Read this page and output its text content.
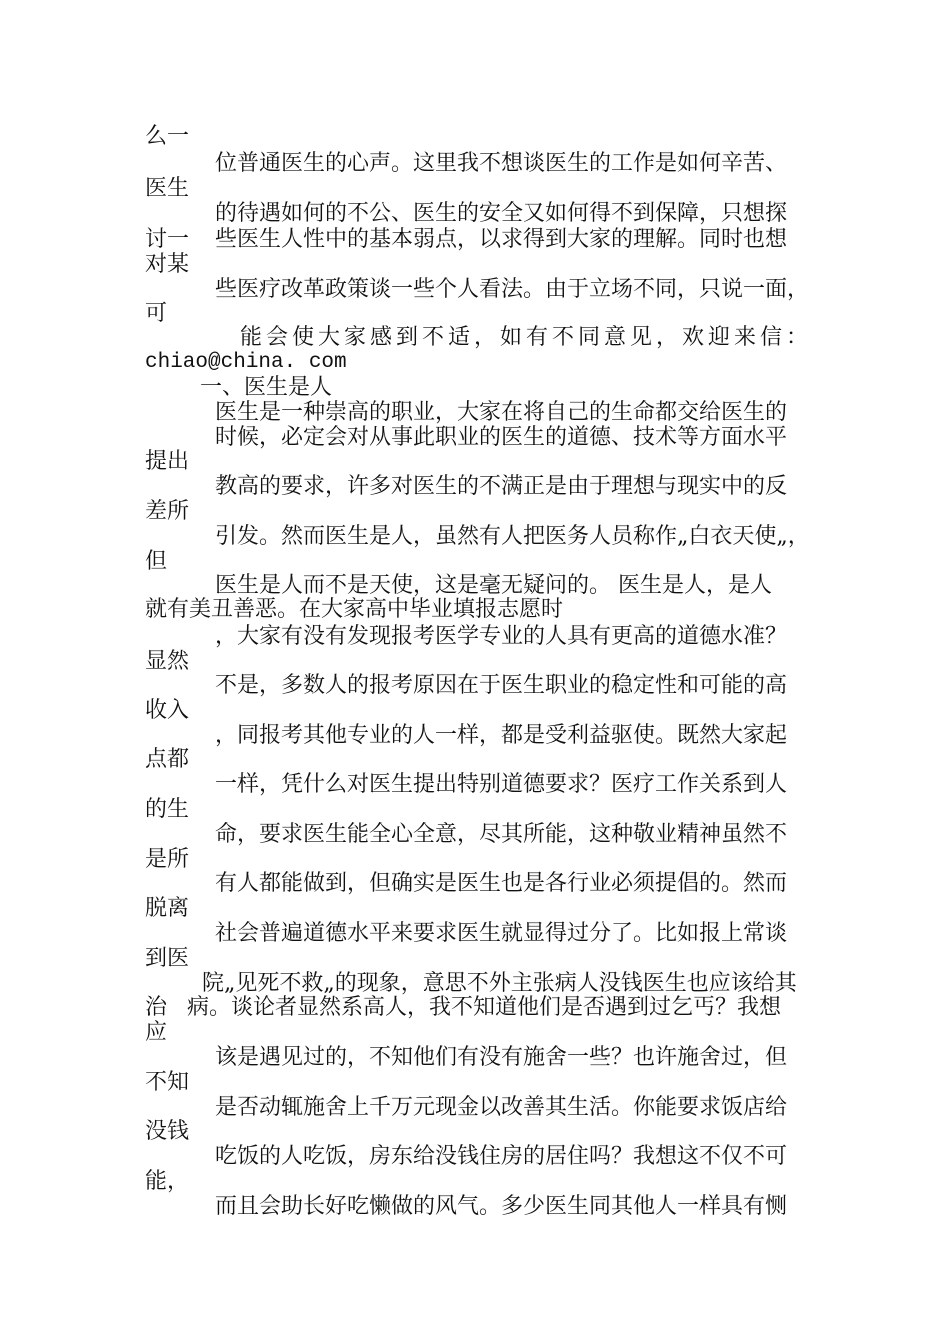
么一
位普通医生的心声。这里我不想谈医生的工作是如何辛苦、
医生
的待遇如何的不公、医生的安全又如何得不到保障，只想探
讨一 些医生人性中的基本弱点，以求得到大家的理解。同时也想
对某
些医疗改革政策谈一些个人看法。由于立场不同，只说一面，
可
能会使大家感到不适，如有不同意见，欢迎来信：
chiao@china. com
一、医生是人
医生是一种崇高的职业，大家在将自己的生命都交给医生的
时候，必定会对从事此职业的医生的道德、技术等方面水平
提出
教高的要求，许多对医生的不满正是由于理想与现实中的反
差所
引发。然而医生是人，虽然有人把医务人员称作„白衣天使„，
但
医生是人而不是天使，这是毫无疑问的。 医生是人，是人
就有美丑善恶。在大家高中毕业填报志愿时
，大家有没有发现报考医学专业的人具有更高的道德水准？
显然
不是，多数人的报考原因在于医生职业的稳定性和可能的高
收入
，同报考其他专业的人一样，都是受利益驱使。既然大家起
点都
一样，凭什么对医生提出特别道德要求？医疗工作关系到人
的生
命，要求医生能全心全意，尽其所能，这种敬业精神虽然不
是所
有人都能做到，但确实是医生也是各行业必须提倡的。然而
脱离
社会普遍道德水平来要求医生就显得过分了。比如报上常谈
到医
院„见死不救„的现象，意思不外主张病人没钱医生也应该给其
治 病。谈论者显然系高人，我不知道他们是否遇到过乞丐？我想
应
该是遇见过的，不知他们有没有施舍一些？也许施舍过，但
不知
是否动辄施舍上千万元现金以改善其生活。你能要求饭店给
没钱
吃饭的人吃饭，房东给没钱住房的居住吗？我想这不仅不可
能，
而且会助长好吃懒做的风气。多少医生同其他人一样具有恻
